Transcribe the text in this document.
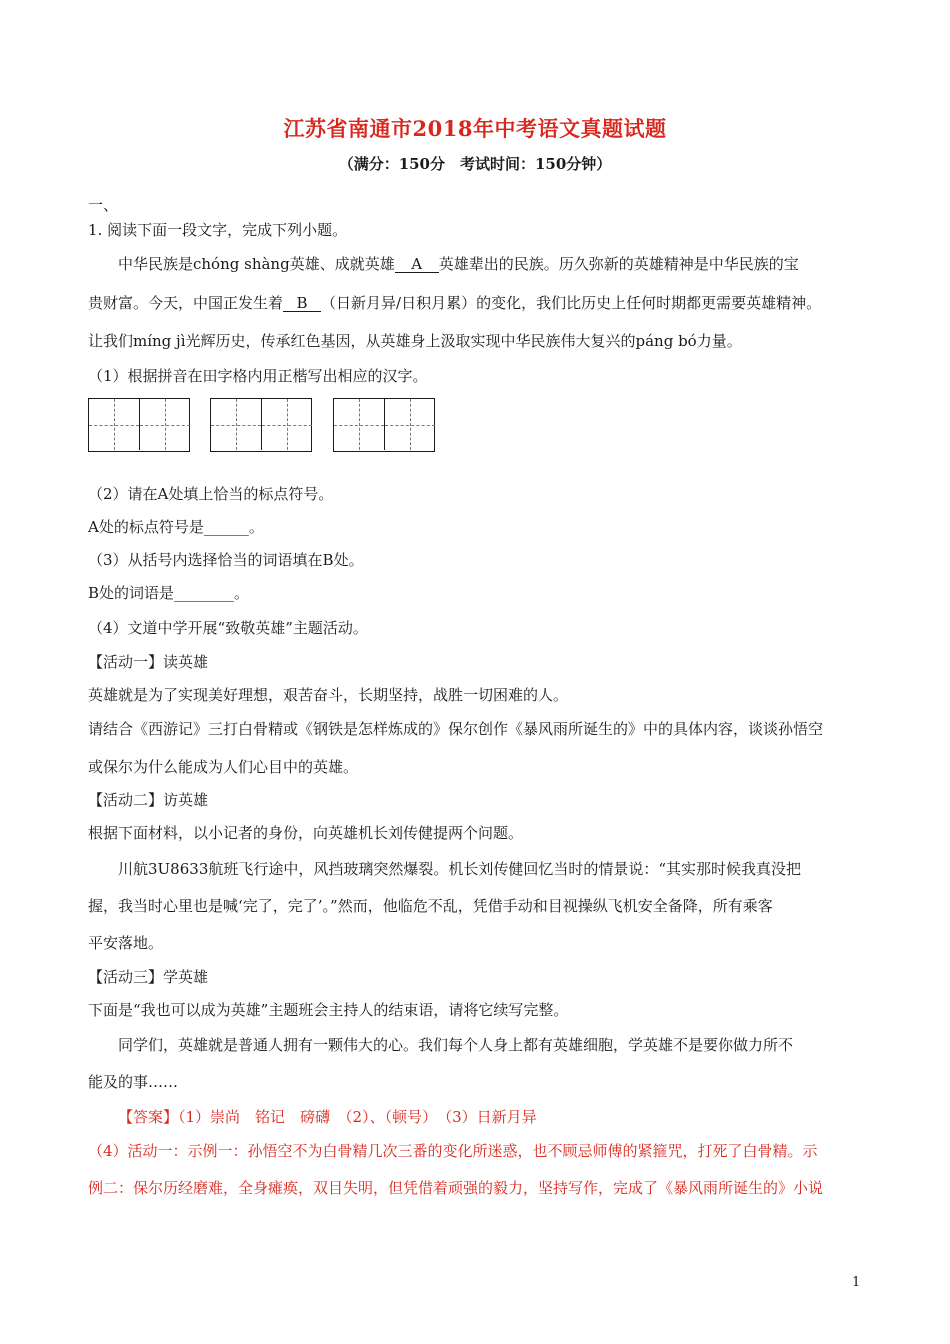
江苏省南通市2018年中考语文真题试题
（满分：150分　考试时间：150分钟）
一、
1. 阅读下面一段文字，完成下列小题。
中华民族是chóng shàng英雄、成就英雄 A 英雄辈出的民族。历久弥新的英雄精神是中华民族的宝
贵财富。今天，中国正发生着 B （日新月异/日积月累）的变化，我们比历史上任何时期都更需要英雄精神。
让我们míng jì光辉历史，传承红色基因，从英雄身上汲取实现中华民族伟大复兴的páng bó力量。
（1）根据拼音在田字格内用正楷写出相应的汉字。
（2）请在A处填上恰当的标点符号。
A处的标点符号是______。
（3）从括号内选择恰当的词语填在B处。
B处的词语是________。
（4）文道中学开展“致敬英雄”主题活动。
【活动一】读英雄
英雄就是为了实现美好理想，艰苦奋斗，长期坚持，战胜一切困难的人。
请结合《西游记》三打白骨精或《钢铁是怎样炼成的》保尔创作《暴风雨所诞生的》中的具体内容，谈谈孙悟空
或保尔为什么能成为人们心目中的英雄。
【活动二】访英雄
根据下面材料，以小记者的身份，向英雄机长刘传健提两个问题。
川航3U8633航班飞行途中，风挡玻璃突然爆裂。机长刘传健回忆当时的情景说：“其实那时候我真没把
握，我当时心里也是喊‘完了，完了’。”然而，他临危不乱，凭借手动和目视操纵飞机安全备降，所有乘客
平安落地。
【活动三】学英雄
下面是“我也可以成为英雄”主题班会主持人的结束语，请将它续写完整。
同学们，英雄就是普通人拥有一颗伟大的心。我们每个人身上都有英雄细胞，学英雄不是要你做力所不
能及的事……
【答案】（1）崇尚　铭记　磅礴　（2）、（顿号）　（3）日新月异
（4）活动一：示例一：孙悟空不为白骨精几次三番的变化所迷惑，也不顾忌师傅的紧箍咒，打死了白骨精。示
例二：保尔历经磨难，全身瘫痪，双目失明，但凭借着顽强的毅力，坚持写作，完成了《暴风雨所诞生的》小说
1
